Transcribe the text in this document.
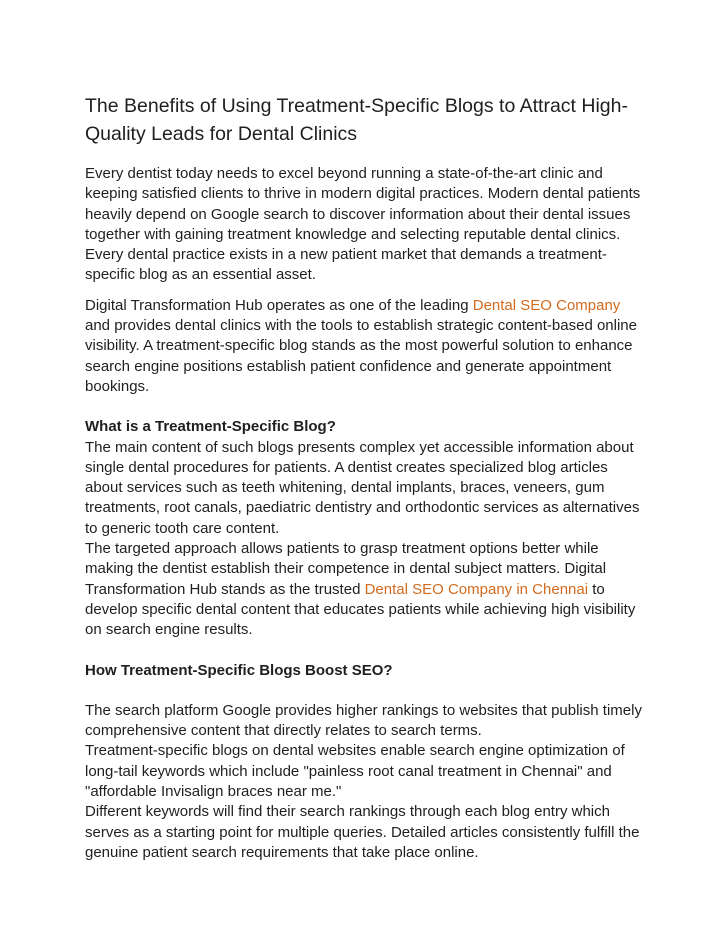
The Benefits of Using Treatment-Specific Blogs to Attract High-Quality Leads for Dental Clinics

Every dentist today needs to excel beyond running a state-of-the-art clinic and keeping satisfied clients to thrive in modern digital practices. Modern dental patients heavily depend on Google search to discover information about their dental issues together with gaining treatment knowledge and selecting reputable dental clinics. Every dental practice exists in a new patient market that demands a treatment-specific blog as an essential asset.

Digital Transformation Hub operates as one of the leading Dental SEO Company and provides dental clinics with the tools to establish strategic content-based online visibility. A treatment-specific blog stands as the most powerful solution to enhance search engine positions establish patient confidence and generate appointment bookings.

What is a Treatment-Specific Blog?

The main content of such blogs presents complex yet accessible information about single dental procedures for patients. A dentist creates specialized blog articles about services such as teeth whitening, dental implants, braces, veneers, gum treatments, root canals, paediatric dentistry and orthodontic services as alternatives to generic tooth care content.

The targeted approach allows patients to grasp treatment options better while making the dentist establish their competence in dental subject matters. Digital Transformation Hub stands as the trusted Dental SEO Company in Chennai to develop specific dental content that educates patients while achieving high visibility on search engine results.

How Treatment-Specific Blogs Boost SEO?

The search platform Google provides higher rankings to websites that publish timely comprehensive content that directly relates to search terms.

Treatment-specific blogs on dental websites enable search engine optimization of long-tail keywords which include "painless root canal treatment in Chennai" and "affordable Invisalign braces near me."

Different keywords will find their search rankings through each blog entry which serves as a starting point for multiple queries. Detailed articles consistently fulfill the genuine patient search requirements that take place online.
